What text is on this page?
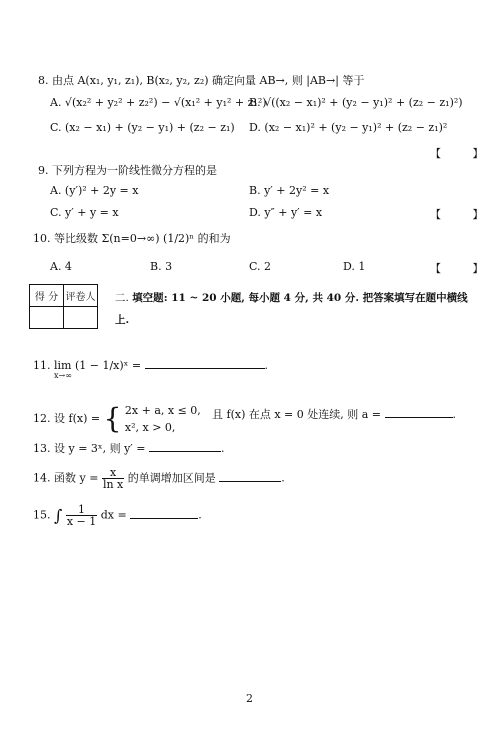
8. 由点 A(x₁, y₁, z₁), B(x₂, y₂, z₂) 确定向量 AB→, 则 |AB→| 等于
A. √(x₂² + y₂² + z₂²) − √(x₁² + y₁² + z₁²)
B. √((x₂ − x₁)² + (y₂ − y₁)² + (z₂ − z₁)²)
C. (x₂ − x₁) + (y₂ − y₁) + (z₂ − z₁) D. (x₂ − x₁)² + (y₂ − y₁)² + (z₂ − z₁)²
【 】
9. 下列方程为一阶线性微分方程的是
A. (y′)² + 2y = x	B. y′ + 2y² = x
C. y′ + y = x	D. y″ + y′ = x	【 】
10. 等比级数 Σ(n=0→∞) (1/2)ⁿ 的和为
A. 4	B. 3	C. 2	D. 1	【 】
得 分	评卷人
	二. 填空题: 11 ~ 20 小题, 每小题 4 分, 共 40 分. 把答案填写在题中横线上.
11. lim (1 − 1/x)ˣ =
x→∞
.
12. 设 f(x) = { 2x + a, x ≤ 0,
x², x > 0,
且 f(x) 在点 x = 0 处连续, 则 a =	.
13. 设 y = 3ˣ, 则 y′ =	.
14. 函数 $y = \frac{x}{\text{ln x}}$ 的单调增加区间是	.
15. ∫ $\frac{1}{x - 1}$ dx =	.
2
